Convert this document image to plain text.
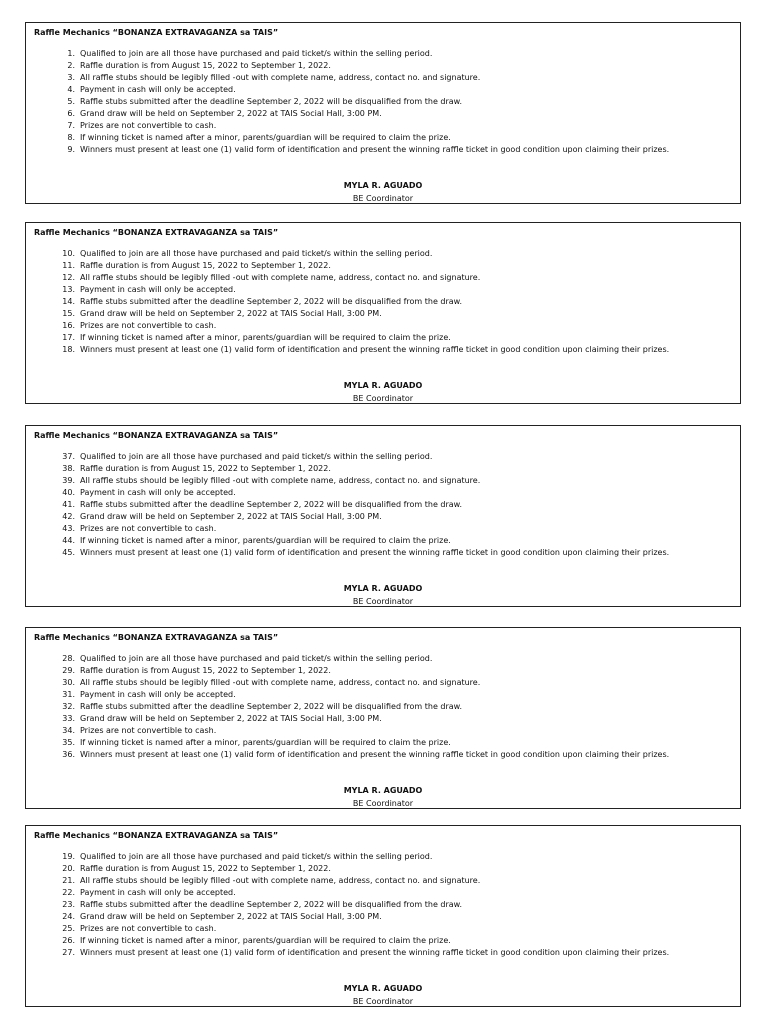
Raffle Mechanics “BONANZA EXTRAVAGANZA sa TAIS”
1. Qualified to join are all those have purchased and paid ticket/s within the selling period.
2. Raffle duration is from August 15, 2022 to September 1, 2022.
3. All raffle stubs should be legibly filled -out with complete name, address, contact no. and signature.
4. Payment in cash will only be accepted.
5. Raffle stubs submitted after the deadline September 2, 2022 will be disqualified from the draw.
6. Grand draw will be held on September 2, 2022 at TAIS Social Hall, 3:00 PM.
7. Prizes are not convertible to cash.
8. If winning ticket is named after a minor, parents/guardian will be required to claim the prize.
9. Winners must present at least one (1) valid form of identification and present the winning raffle ticket in good condition upon claiming their prizes.
MYLA R. AGUADO
BE Coordinator
Raffle Mechanics “BONANZA EXTRAVAGANZA sa TAIS”
10. Qualified to join are all those have purchased and paid ticket/s within the selling period.
11. Raffle duration is from August 15, 2022 to September 1, 2022.
12. All raffle stubs should be legibly filled -out with complete name, address, contact no. and signature.
13. Payment in cash will only be accepted.
14. Raffle stubs submitted after the deadline September 2, 2022 will be disqualified from the draw.
15. Grand draw will be held on September 2, 2022 at TAIS Social Hall, 3:00 PM.
16. Prizes are not convertible to cash.
17. If winning ticket is named after a minor, parents/guardian will be required to claim the prize.
18. Winners must present at least one (1) valid form of identification and present the winning raffle ticket in good condition upon claiming their prizes.
MYLA R. AGUADO
BE Coordinator
Raffle Mechanics “BONANZA EXTRAVAGANZA sa TAIS”
37. Qualified to join are all those have purchased and paid ticket/s within the selling period.
38. Raffle duration is from August 15, 2022 to September 1, 2022.
39. All raffle stubs should be legibly filled -out with complete name, address, contact no. and signature.
40. Payment in cash will only be accepted.
41. Raffle stubs submitted after the deadline September 2, 2022 will be disqualified from the draw.
42. Grand draw will be held on September 2, 2022 at TAIS Social Hall, 3:00 PM.
43. Prizes are not convertible to cash.
44. If winning ticket is named after a minor, parents/guardian will be required to claim the prize.
45. Winners must present at least one (1) valid form of identification and present the winning raffle ticket in good condition upon claiming their prizes.
MYLA R. AGUADO
BE Coordinator
Raffle Mechanics “BONANZA EXTRAVAGANZA sa TAIS”
28. Qualified to join are all those have purchased and paid ticket/s within the selling period.
29. Raffle duration is from August 15, 2022 to September 1, 2022.
30. All raffle stubs should be legibly filled -out with complete name, address, contact no. and signature.
31. Payment in cash will only be accepted.
32. Raffle stubs submitted after the deadline September 2, 2022 will be disqualified from the draw.
33. Grand draw will be held on September 2, 2022 at TAIS Social Hall, 3:00 PM.
34. Prizes are not convertible to cash.
35. If winning ticket is named after a minor, parents/guardian will be required to claim the prize.
36. Winners must present at least one (1) valid form of identification and present the winning raffle ticket in good condition upon claiming their prizes.
MYLA R. AGUADO
BE Coordinator
Raffle Mechanics “BONANZA EXTRAVAGANZA sa TAIS”
19. Qualified to join are all those have purchased and paid ticket/s within the selling period.
20. Raffle duration is from August 15, 2022 to September 1, 2022.
21. All raffle stubs should be legibly filled -out with complete name, address, contact no. and signature.
22. Payment in cash will only be accepted.
23. Raffle stubs submitted after the deadline September 2, 2022 will be disqualified from the draw.
24. Grand draw will be held on September 2, 2022 at TAIS Social Hall, 3:00 PM.
25. Prizes are not convertible to cash.
26. If winning ticket is named after a minor, parents/guardian will be required to claim the prize.
27. Winners must present at least one (1) valid form of identification and present the winning raffle ticket in good condition upon claiming their prizes.
MYLA R. AGUADO
BE Coordinator
